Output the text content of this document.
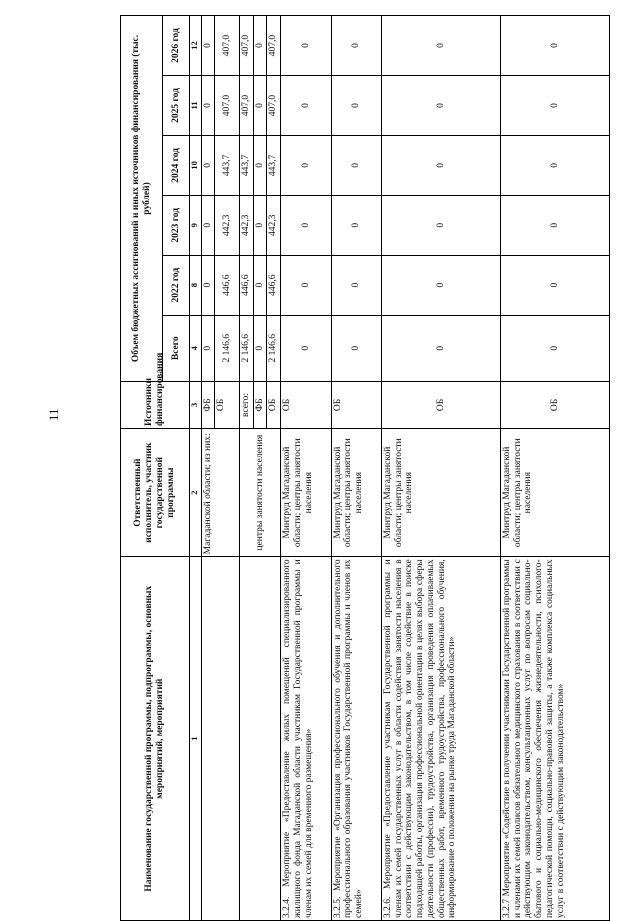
11
Наименование государственной программы, подпрограммы, основных мероприятий, мероприятий	Ответственный исполнитель, участник государственной программы	Источники финансирования	Объем бюджетных ассигнований и иных источников финансирования (тыс. рублей)					
			Всего	2022 год	2023 год	2024 год	2025 год	2026 год
1	2	3	4	8	9	10	11	12
	Магаданской области; из них:	ФБ	0	0	0	0	0	0
		ОБ	2 146,6	446,6	442,3	443,7	407,0	407,0
	центры занятости населения	всего:	2 146,6	446,6	442,3	443,7	407,0	407,0
		ФБ	0	0	0	0	0	0
		ОБ	2 146,6	446,6	442,3	443,7	407,0	407,0
3.2.4. Мероприятие «Предоставление жилых помещений специализированного жилищного фонда Магаданской области участникам Государственной программы и членам их семей для временного размещения»	Минтруд Магаданской области; центры занятости населения	ОБ	0	0	0	0	0	0
3.2.5. Мероприятие «Организация профессионального обучения и дополнительного профессионального образования участников Государственной программы и членов их семей»	Минтруд Магаданской области; центры занятости населения	ОБ	0	0	0	0	0	0
3.2.6. Мероприятие «Предоставление участникам Государственной программы и членам их семей государственных услуг в области содействия занятости населения в соответствии с действующим законодательством, в том числе содействие в поиске подходящей работы, организация профессиональной ориентации в целях выбора сферы деятельности (профессии), трудоустройства, организация проведения оплачиваемых общественных работ, временного трудоустройства, профессионального обучения, информирование о положении на рынке труда Магаданской области»	Минтруд Магаданской области; центры занятости населения	ОБ	0	0	0	0	0	0
3.2.7 Мероприятие «Содействие в получении участниками Государственной программы и членами их семей полисов обязательного медицинского страхования в соответствии с действующим законодательством, консультационных услуг по вопросам социально-бытового и социально-медицинского обеспечения жизнедеятельности, психолого-педагогической помощи, социально-правовой защиты, а также комплекса социальных услуг в соответствии с действующим законодательством»	Минтруд Магаданской области; центры занятости населения	ОБ	0	0	0	0	0	0
